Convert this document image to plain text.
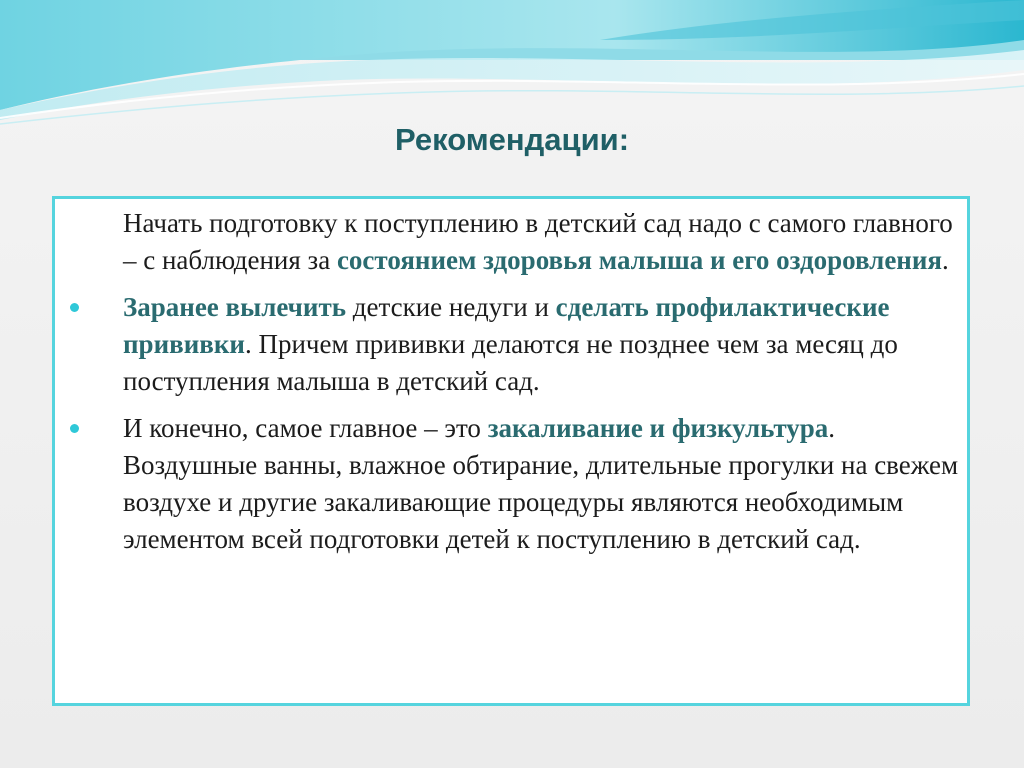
Рекомендации:

Начать подготовку к поступлению в детский сад надо с самого главного – с наблюдения за состоянием здоровья малыша и его оздоровления.

Заранее вылечить детские недуги и сделать профилактические прививки. Причем прививки делаются не позднее чем за месяц до поступления малыша в детский сад.

И конечно, самое главное – это закаливание и физкультура. Воздушные ванны, влажное обтирание, длительные прогулки на свежем воздухе и другие закаливающие процедуры являются необходимым элементом всей подготовки детей к поступлению в детский сад.
